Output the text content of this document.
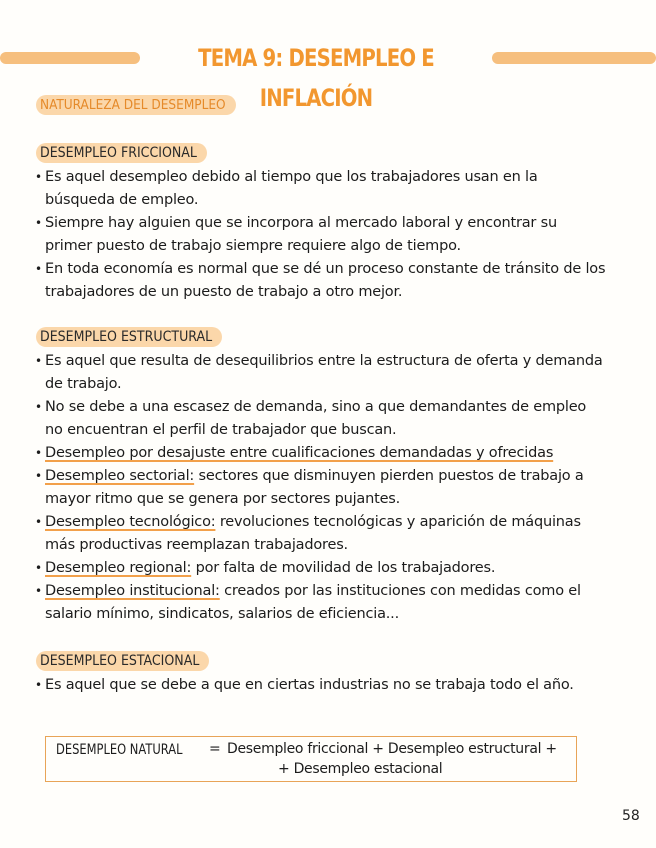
TEMA 9: DESEMPLEO E INFLACIÓN
NATURALEZA DEL DESEMPLEO
DESEMPLEO FRICCIONAL
• Es aquel desempleo debido al tiempo que los trabajadores usan en la búsqueda de empleo.
• Siempre hay alguien que se incorpora al mercado laboral y encontrar su primer puesto de trabajo siempre requiere algo de tiempo.
• En toda economía es normal que se dé un proceso constante de tránsito de los trabajadores de un puesto de trabajo a otro mejor.
DESEMPLEO ESTRUCTURAL
• Es aquel que resulta de desequilibrios entre la estructura de oferta y demanda de trabajo.
• No se debe a una escasez de demanda, sino a que demandantes de empleo no encuentran el perfil de trabajador que buscan.
• Desempleo por desajuste entre cualificaciones demandadas y ofrecidas
• Desempleo sectorial: sectores que disminuyen pierden puestos de trabajo a mayor ritmo que se genera por sectores pujantes.
• Desempleo tecnológico: revoluciones tecnológicas y aparición de máquinas más productivas reemplazan trabajadores.
• Desempleo regional: por falta de movilidad de los trabajadores.
• Desempleo institucional: creados por las instituciones con medidas como el salario mínimo, sindicatos, salarios de eficiencia...
DESEMPLEO ESTACIONAL
• Es aquel que se debe a que en ciertas industrias no se trabaja todo el año.
DESEMPLEO NATURAL = Desempleo friccional + Desempleo estructural +
+ Desempleo estacional
58
